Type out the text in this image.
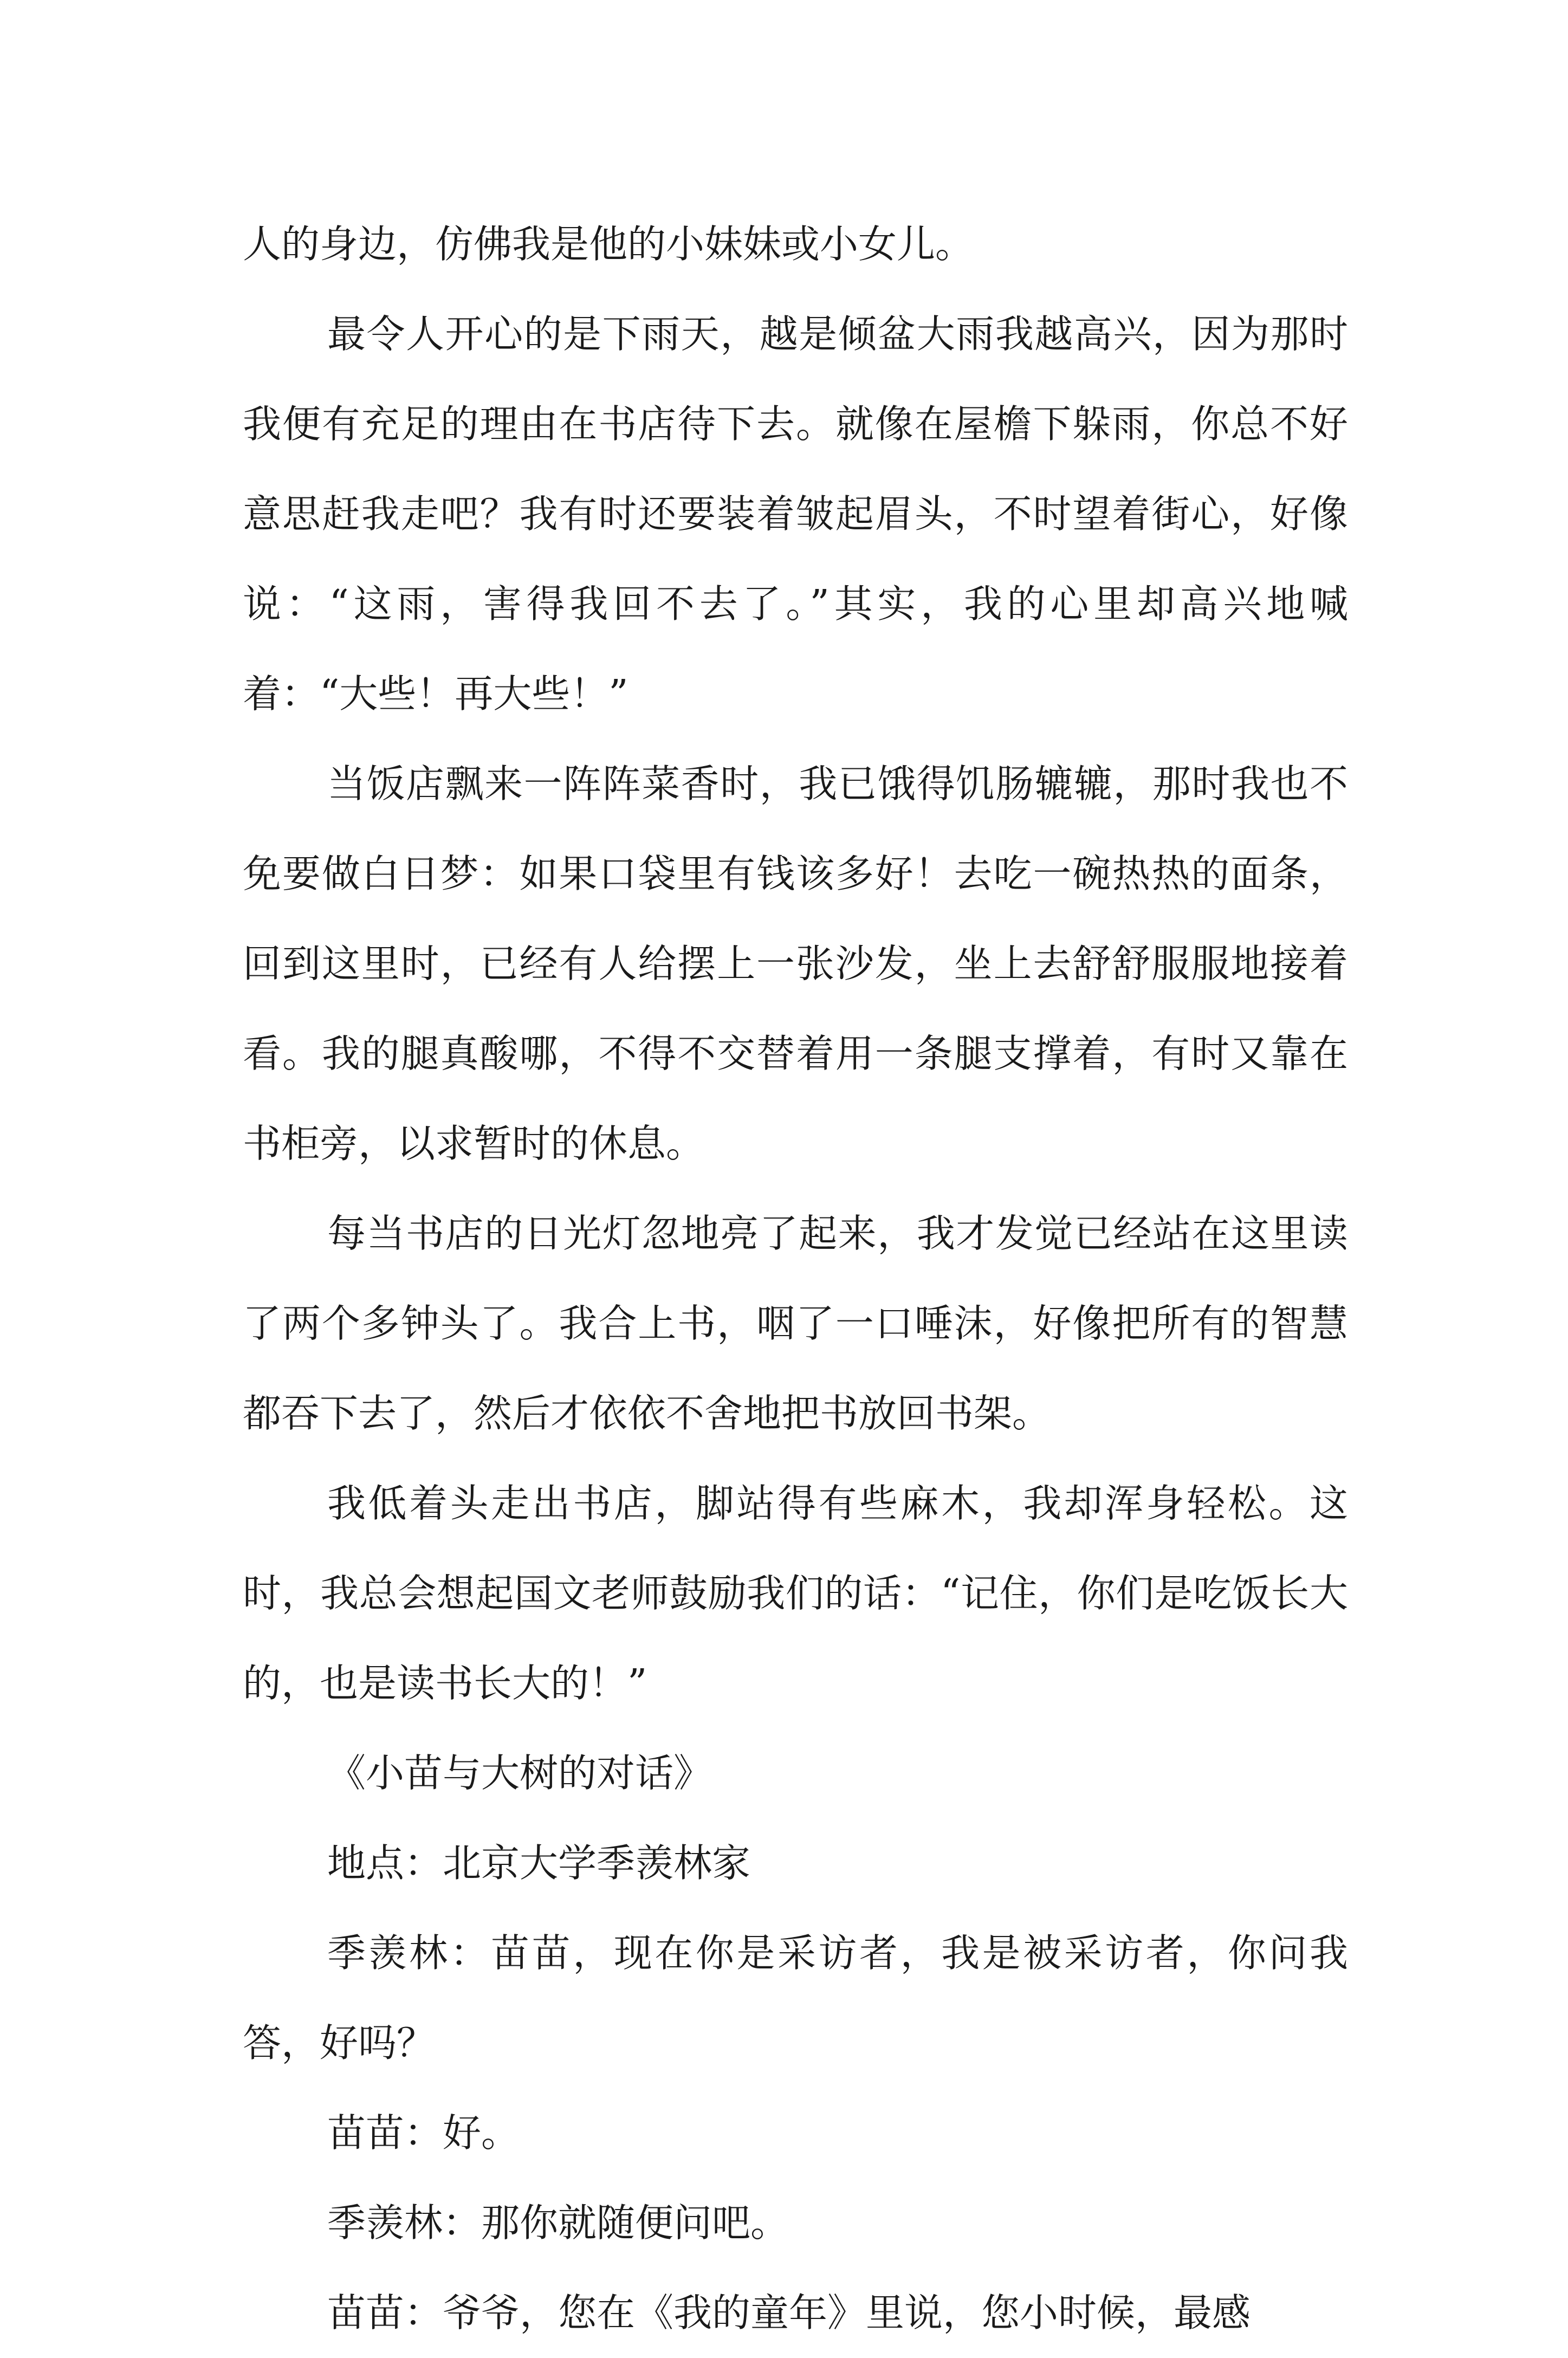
人的身边，仿佛我是他的小妹妹或小女儿。

最令人开心的是下雨天，越是倾盆大雨我越高兴，因为那时我便有充足的理由在书店待下去。就像在屋檐下躲雨，你总不好意思赶我走吧？我有时还要装着皱起眉头，不时望着街心，好像说：“这雨，害得我回不去了。”其实，我的心里却高兴地喊着：“大些！再大些！”

当饭店飘来一阵阵菜香时，我已饿得饥肠辘辘，那时我也不免要做白日梦：如果口袋里有钱该多好！去吃一碗热热的面条，回到这里时，已经有人给摆上一张沙发，坐上去舒舒服服地接着看。我的腿真酸哪，不得不交替着用一条腿支撑着，有时又靠在书柜旁，以求暂时的休息。

每当书店的日光灯忽地亮了起来，我才发觉已经站在这里读了两个多钟头了。我合上书，咽了一口唾沫，好像把所有的智慧都吞下去了，然后才依依不舍地把书放回书架。

我低着头走出书店，脚站得有些麻木，我却浑身轻松。这时，我总会想起国文老师鼓励我们的话：“记住，你们是吃饭长大的，也是读书长大的！”

《小苗与大树的对话》

地点：北京大学季羡林家

季羡林：苗苗，现在你是采访者，我是被采访者，你问我答，好吗？

苗苗：好。

季羡林：那你就随便问吧。

苗苗：爷爷，您在《我的童年》里说，您小时候，最感
